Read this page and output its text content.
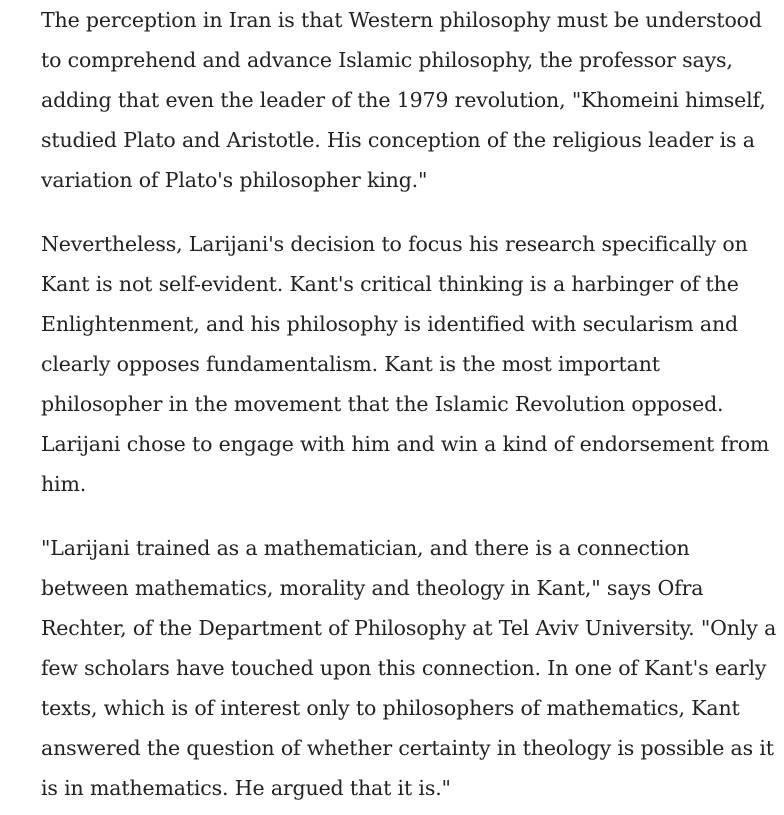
The perception in Iran is that Western philosophy must be understood
to comprehend and advance Islamic philosophy, the professor says,
adding that even the leader of the 1979 revolution, "Khomeini himself,
studied Plato and Aristotle. His conception of the religious leader is a
variation of Plato's philosopher king."

Nevertheless, Larijani's decision to focus his research specifically on
Kant is not self-evident. Kant's critical thinking is a harbinger of the
Enlightenment, and his philosophy is identified with secularism and
clearly opposes fundamentalism. Kant is the most important
philosopher in the movement that the Islamic Revolution opposed.
Larijani chose to engage with him and win a kind of endorsement from
him.

"Larijani trained as a mathematician, and there is a connection
between mathematics, morality and theology in Kant," says Ofra
Rechter, of the Department of Philosophy at Tel Aviv University. "Only a
few scholars have touched upon this connection. In one of Kant's early
texts, which is of interest only to philosophers of mathematics, Kant
answered the question of whether certainty in theology is possible as it
is in mathematics. He argued that it is."
